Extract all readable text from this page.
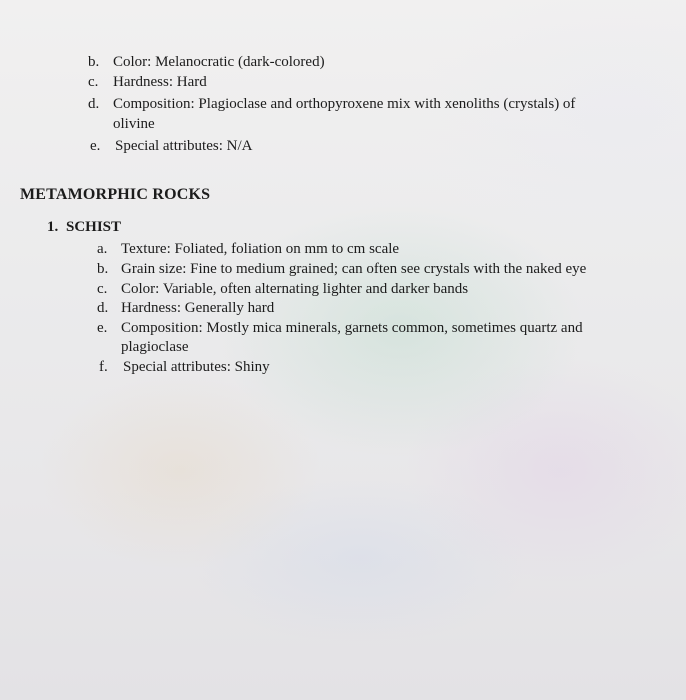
b. Color: Melanocratic (dark-colored)
c. Hardness: Hard
d. Composition: Plagioclase and orthopyroxene mix with xenoliths (crystals) of
olivine
e. Special attributes: N/A
METAMORPHIC ROCKS
1. SCHIST
a. Texture: Foliated, foliation on mm to cm scale
b. Grain size: Fine to medium grained; can often see crystals with the naked eye
c. Color: Variable, often alternating lighter and darker bands
d. Hardness: Generally hard
e. Composition: Mostly mica minerals, garnets common, sometimes quartz and
plagioclase
f. Special attributes: Shiny
